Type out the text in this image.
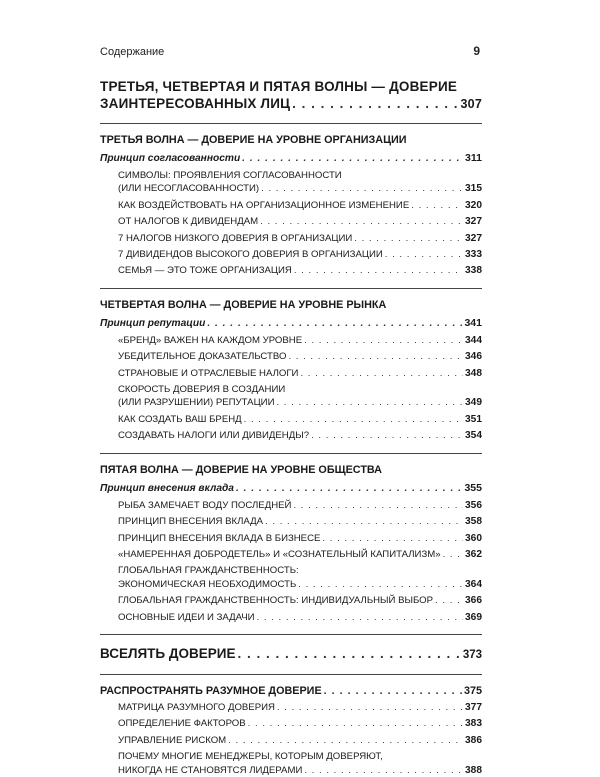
Содержание	9
ТРЕТЬЯ, ЧЕТВЕРТАЯ И ПЯТАЯ ВОЛНЫ — ДОВЕРИЕ
ЗАИНТЕРЕСОВАННЫХ ЛИЦ . . .	307
ТРЕТЬЯ ВОЛНА — ДОВЕРИЕ НА УРОВНЕ ОРГАНИЗАЦИИ
Принцип согласованности . . .	311
СИМВОЛЫ: ПРОЯВЛЕНИЯ СОГЛАСОВАННОСТИ
(ИЛИ НЕСОГЛАСОВАННОСТИ) . . .	315
КАК ВОЗДЕЙСТВОВАТЬ НА ОРГАНИЗАЦИОННОЕ ИЗМЕНЕНИЕ . . .	320
ОТ НАЛОГОВ К ДИВИДЕНДАМ . . .	327
7 НАЛОГОВ НИЗКОГО ДОВЕРИЯ В ОРГАНИЗАЦИИ . . .	327
7 ДИВИДЕНДОВ ВЫСОКОГО ДОВЕРИЯ В ОРГАНИЗАЦИИ . . .	333
СЕМЬЯ — ЭТО ТОЖЕ ОРГАНИЗАЦИЯ . . .	338
ЧЕТВЕРТАЯ ВОЛНА — ДОВЕРИЕ НА УРОВНЕ РЫНКА
Принцип репутации . . .	341
«БРЕНД» ВАЖЕН НА КАЖДОМ УРОВНЕ . . .	344
УБЕДИТЕЛЬНОЕ ДОКАЗАТЕЛЬСТВО . . .	346
СТРАНОВЫЕ И ОТРАСЛЕВЫЕ НАЛОГИ . . .	348
СКОРОСТЬ ДОВЕРИЯ В СОЗДАНИИ
(ИЛИ РАЗРУШЕНИИ) РЕПУТАЦИИ . . .	349
КАК СОЗДАТЬ ВАШ БРЕНД . . .	351
СОЗДАВАТЬ НАЛОГИ ИЛИ ДИВИДЕНДЫ? . . .	354
ПЯТАЯ ВОЛНА — ДОВЕРИЕ НА УРОВНЕ ОБЩЕСТВА
Принцип внесения вклада . . .	355
РЫБА ЗАМЕЧАЕТ ВОДУ ПОСЛЕДНЕЙ . . .	356
ПРИНЦИП ВНЕСЕНИЯ ВКЛАДА . . .	358
ПРИНЦИП ВНЕСЕНИЯ ВКЛАДА В БИЗНЕСЕ . . .	360
«НАМЕРЕННАЯ ДОБРОДЕТЕЛЬ» И «СОЗНАТЕЛЬНЫЙ КАПИТАЛИЗМ» . . . 362
ГЛОБАЛЬНАЯ ГРАЖДАНСТВЕННОСТЬ:
ЭКОНОМИЧЕСКАЯ НЕОБХОДИМОСТЬ . . .	364
ГЛОБАЛЬНАЯ ГРАЖДАНСТВЕННОСТЬ: ИНДИВИДУАЛЬНЫЙ ВЫБОР . . .	366
ОСНОВНЫЕ ИДЕИ И ЗАДАЧИ . . .	369
ВСЕЛЯТЬ ДОВЕРИЕ . . .	373
РАСПРОСТРАНЯТЬ РАЗУМНОЕ ДОВЕРИЕ . . .	375
МАТРИЦА РАЗУМНОГО ДОВЕРИЯ . . .	377
ОПРЕДЕЛЕНИЕ ФАКТОРОВ . . .	383
УПРАВЛЕНИЕ РИСКОМ . . .	386
ПОЧЕМУ МНОГИЕ МЕНЕДЖЕРЫ, КОТОРЫМ ДОВЕРЯЮТ,
НИКОГДА НЕ СТАНОВЯТСЯ ЛИДЕРАМИ . . .	388
